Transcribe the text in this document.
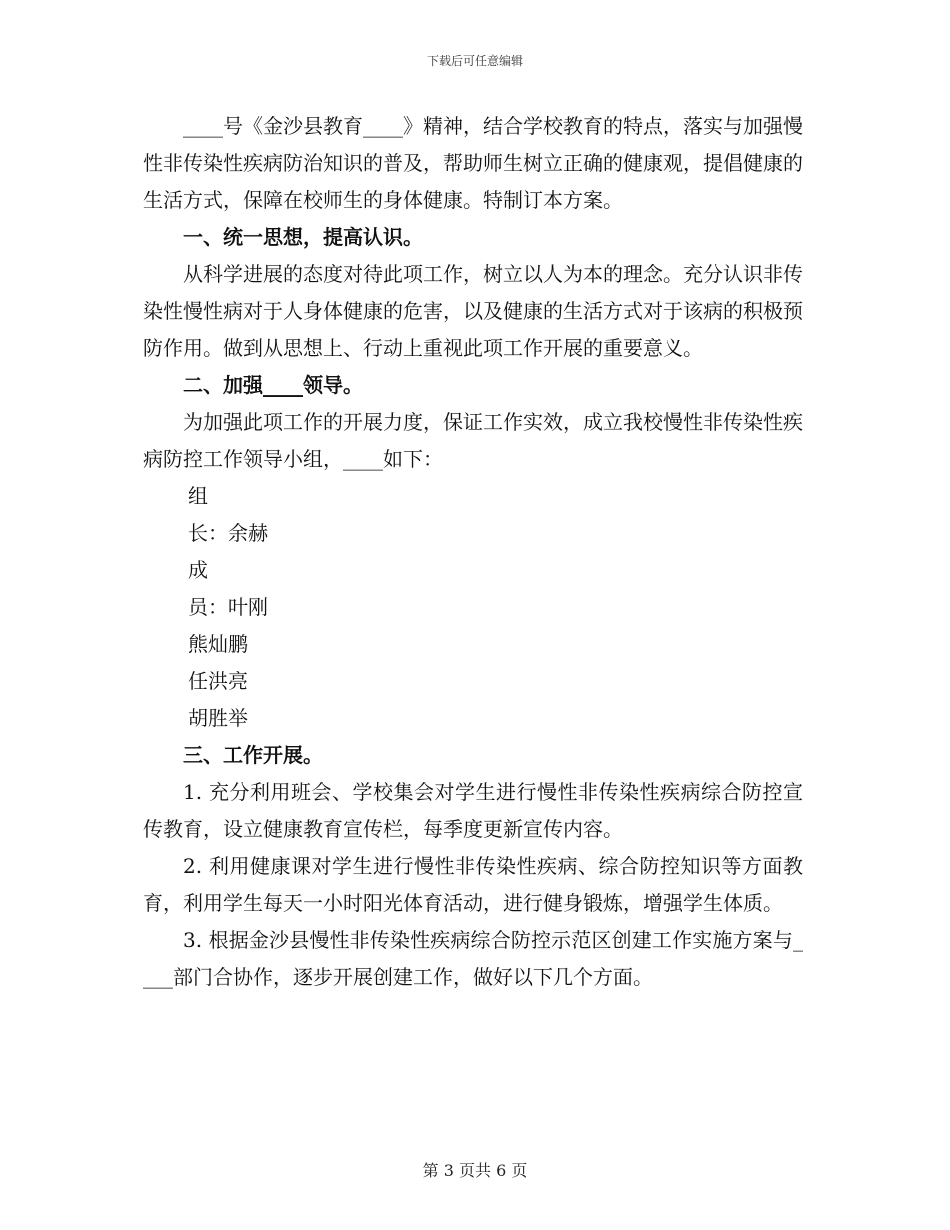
下载后可任意编辑

____号《金沙县教育____》精神，结合学校教育的特点，落实与加强慢性非传染性疾病防治知识的普及，帮助师生树立正确的健康观，提倡健康的生活方式，保障在校师生的身体健康。特制订本方案。

一、统一思想，提高认识。

从科学进展的态度对待此项工作，树立以人为本的理念。充分认识非传染性慢性病对于人身体健康的危害，以及健康的生活方式对于该病的积极预防作用。做到从思想上、行动上重视此项工作开展的重要意义。

二、加强____领导。

为加强此项工作的开展力度，保证工作实效，成立我校慢性非传染性疾病防控工作领导小组，____如下：

组

长：余赫

成

员：叶刚

熊灿鹏

任洪亮

胡胜举

三、工作开展。

1. 充分利用班会、学校集会对学生进行慢性非传染性疾病综合防控宣传教育，设立健康教育宣传栏，每季度更新宣传内容。

2. 利用健康课对学生进行慢性非传染性疾病、综合防控知识等方面教育，利用学生每天一小时阳光体育活动，进行健身锻炼，增强学生体质。

3. 根据金沙县慢性非传染性疾病综合防控示范区创建工作实施方案与____部门合协作，逐步开展创建工作，做好以下几个方面。

第 3 页共 6 页
